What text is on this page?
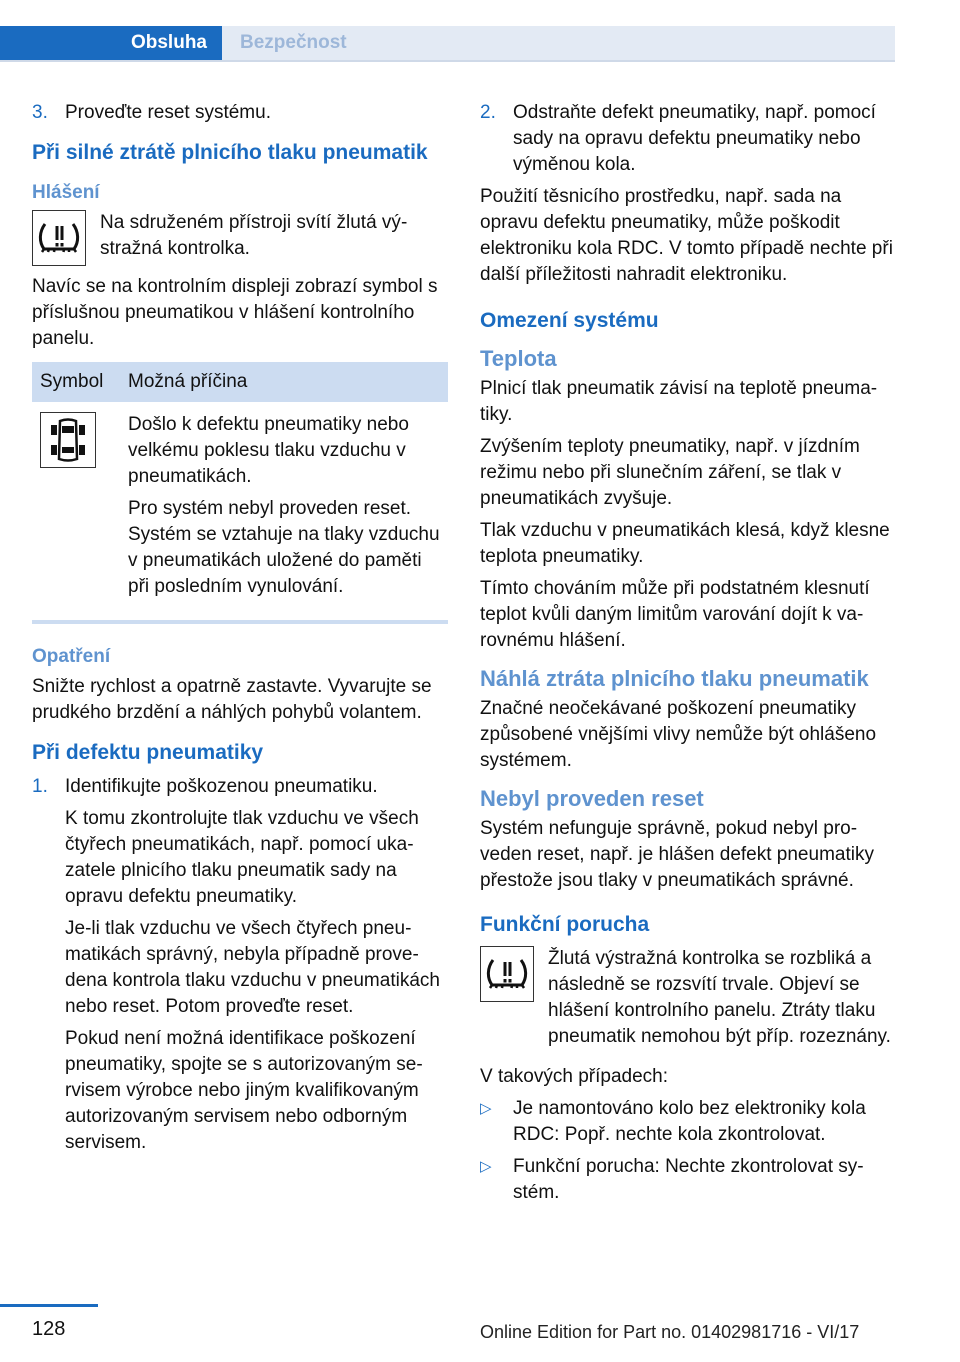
Obsluha Bezpečnost
3. Proveďte reset systému.
Při silné ztrátě plnicího tlaku pneumatik
Hlášení
Na sdruženém přístroji svítí žlutá výstražná kontrolka.

Navíc se na kontrolním displeji zobrazí symbol s příslušnou pneumatikou v hlášení kontrolního panelu.

Symbol	Možná příčina

Došlo k defektu pneumatiky nebo velkému poklesu tlaku vzduchu v pneumatikách.

Pro systém nebyl proveden reset. Systém se vztahuje na tlaky vzduchu v pneumatikách uložené do paměti při posledním vynulování.

Opatření

Snižte rychlost a opatrně zastavte. Vyvarujte se prudkého brzdění a náhlých pohybů volantem.

Při defektu pneumatiky
1. Identifikujte poškozenou pneumatiku.

K tomu zkontrolujte tlak vzduchu ve všech čtyřech pneumatikách, např. pomocí ukazatele plnicího tlaku pneumatik sady na opravu defektu pneumatiky.

Je-li tlak vzduchu ve všech čtyřech pneumatikách správný, nebyla případně provedena kontrola tlaku vzduchu v pneumatikách nebo reset. Potom proveďte reset.

Pokud není možná identifikace poškození pneumatiky, spojte se s autorizovaným servisem výrobce nebo jiným kvalifikovaným autorizovaným servisem nebo odborným servisem.

2. Odstraňte defekt pneumatiky, např. pomocí sady na opravu defektu pneumatiky nebo výměnou kola.

Použití těsnicího prostředku, např. sada na opravu defektu pneumatiky, může poškodit elektroniku kola RDC. V tomto případě nechte při další příležitosti nahradit elektroniku.

Omezení systému
Teplota

Plnicí tlak pneumatik závisí na teplotě pneumatiky.

Zvýšením teploty pneumatiky, např. v jízdním režimu nebo při slunečním záření, se tlak v pneumatikách zvyšuje.

Tlak vzduchu v pneumatikách klesá, když klesne teplota pneumatiky.

Tímto chováním může při podstatném klesnutí teplot kvůli daným limitům varování dojít k varovnému hlášení.

Náhlá ztráta plnicího tlaku pneumatik

Značné neočekávané poškození pneumatiky způsobené vnějšími vlivy nemůže být ohlášeno systémem.

Nebyl proveden reset

Systém nefunguje správně, pokud nebyl proveden reset, např. je hlášen defekt pneumatiky přestože jsou tlaky v pneumatikách správné.

Funkční porucha
Žlutá výstražná kontrolka se rozbliká a následně se rozsvítí trvale. Objeví se hlášení kontrolního panelu. Ztráty tlaku pneumatik nemohou být příp. rozeznány.

V takových případech:

▷	Je namontováno kolo bez elektroniky kola RDC: Popř. nechte kola zkontrolovat.
▷	Funkční porucha: Nechte zkontrolovat systém.
128	Online Edition for Part no. 01402981716 - VI/17
